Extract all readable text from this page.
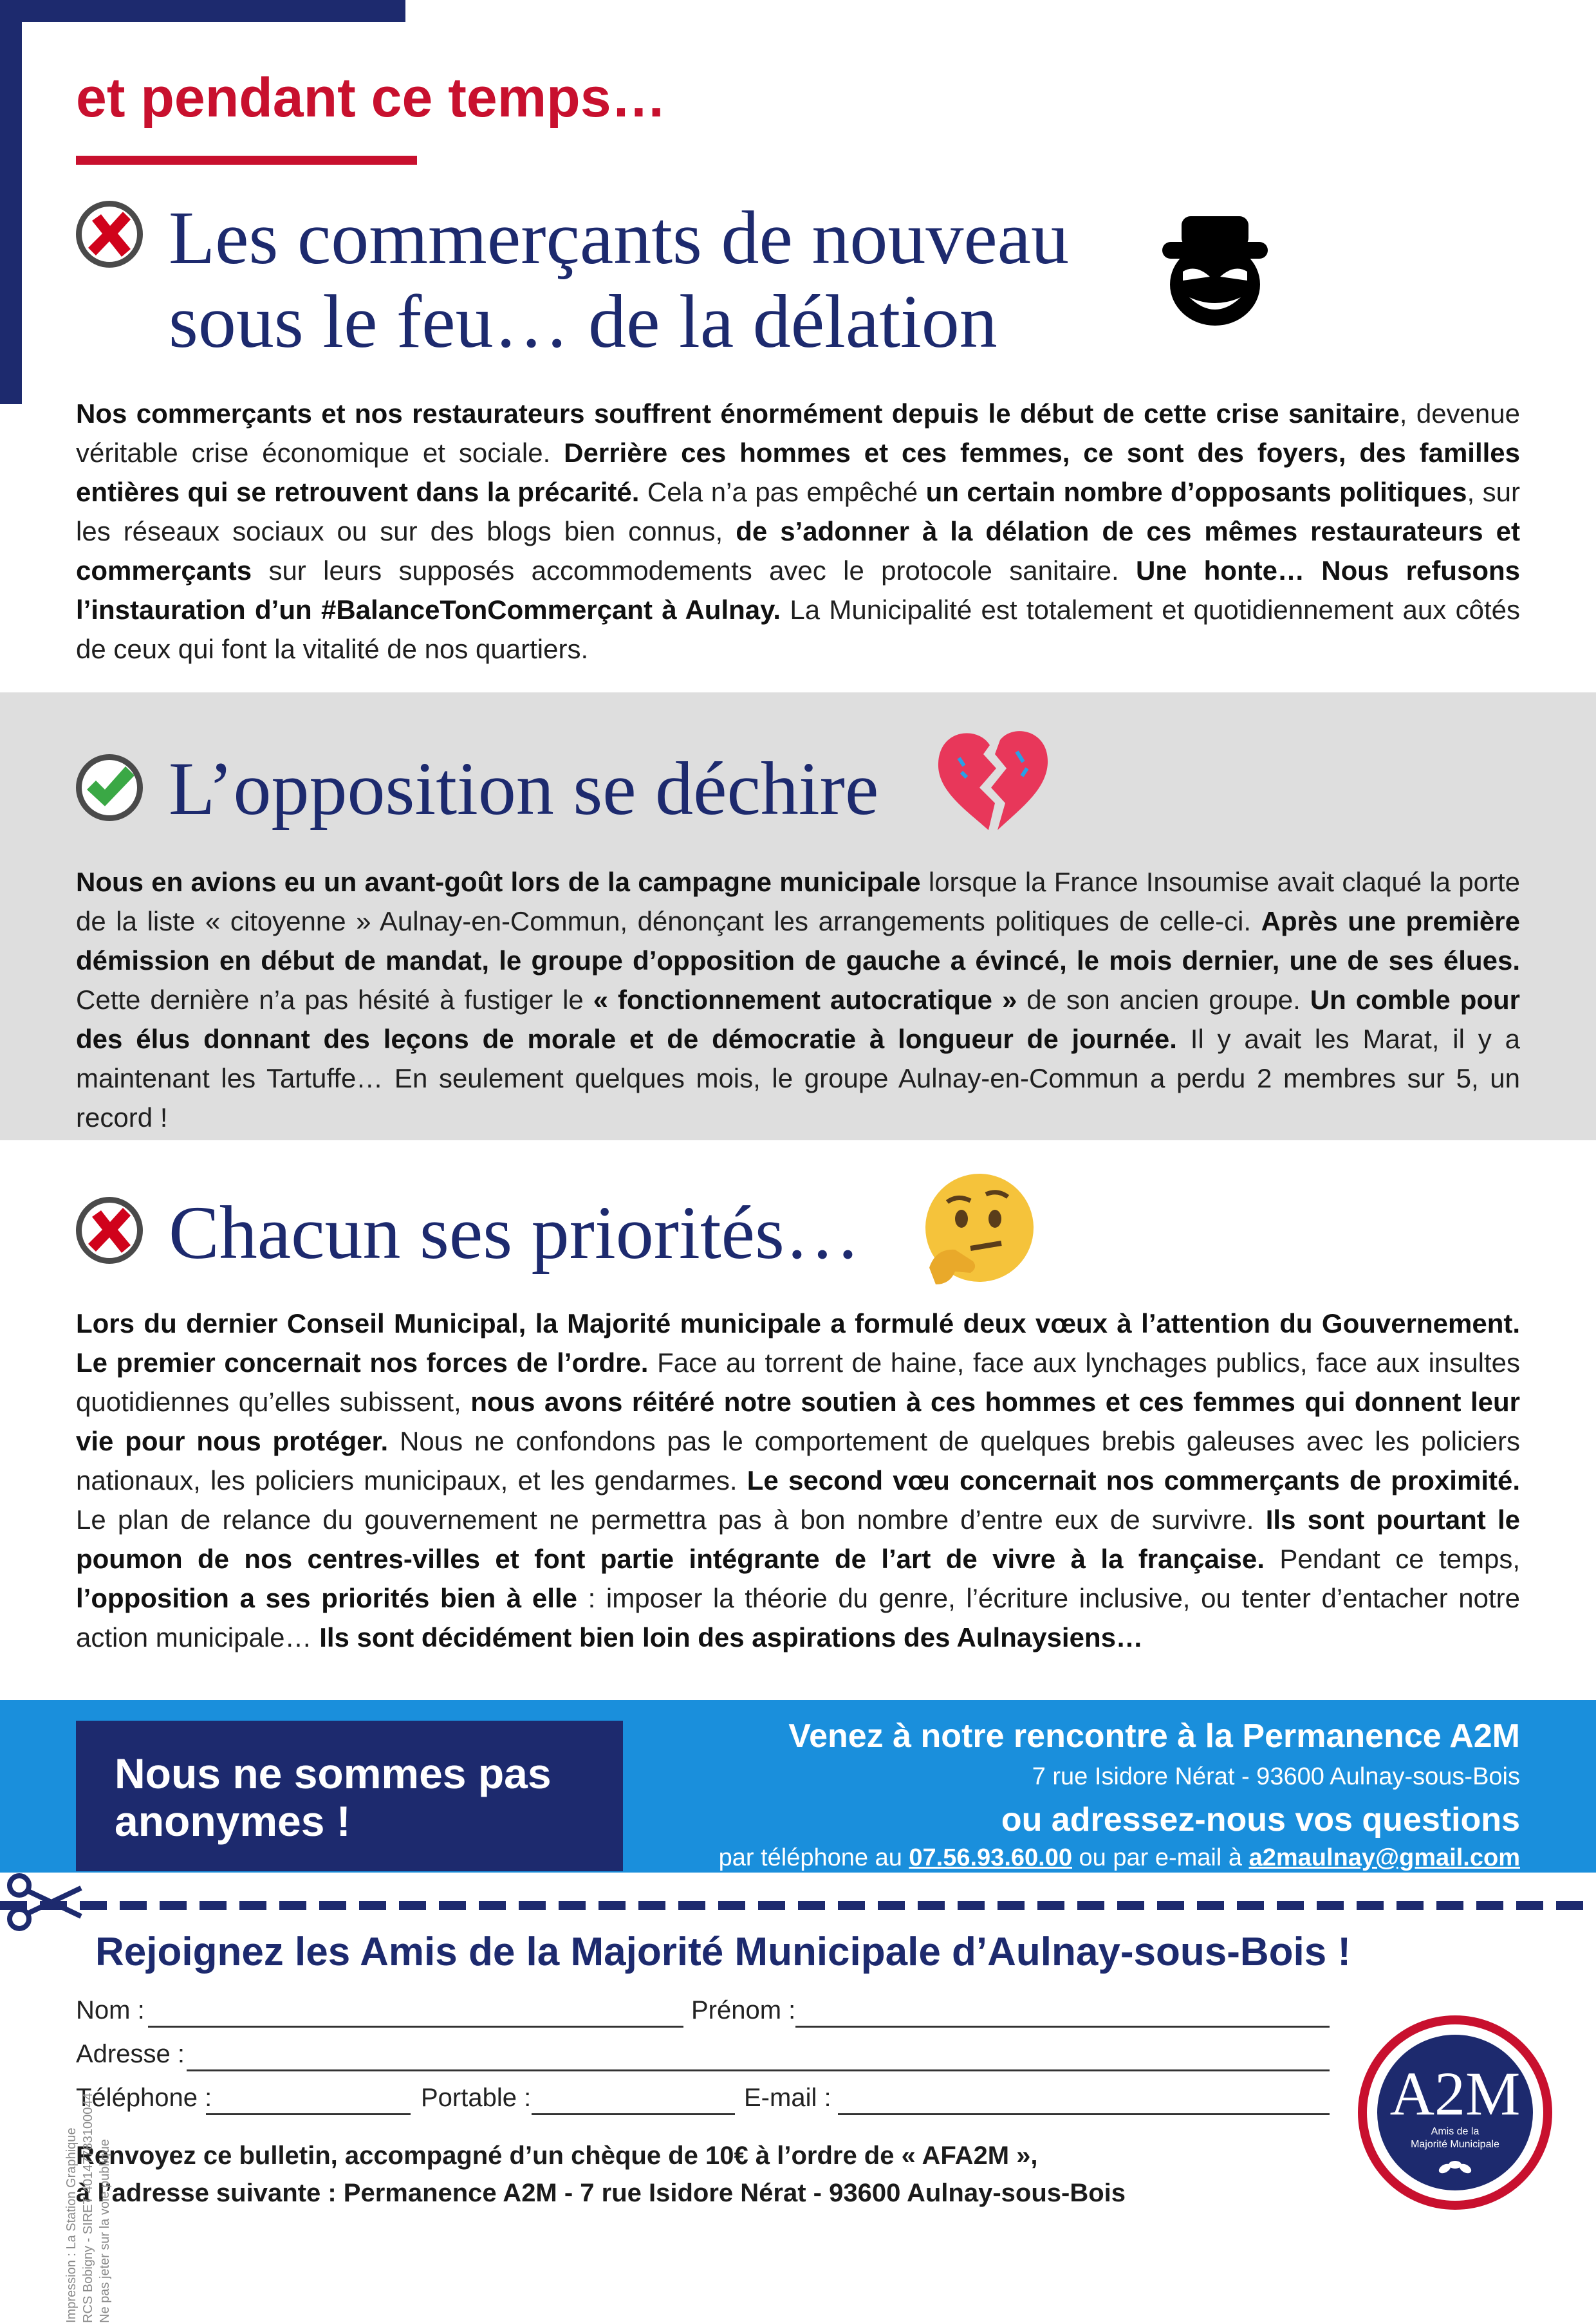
et pendant ce temps…
Les commerçants de nouveau
sous le feu… de la délation
Nos commerçants et nos restaurateurs souffrent énormément depuis le début de cette crise sanitaire, devenue véritable crise économique et sociale. Derrière ces hommes et ces femmes, ce sont des foyers, des familles entières qui se retrouvent dans la précarité. Cela n’a pas empêché un certain nombre d’opposants politiques, sur les réseaux sociaux ou sur des blogs bien connus, de s’adonner à la délation de ces mêmes restaurateurs et commerçants sur leurs supposés accommodements avec le protocole sanitaire. Une honte… Nous refusons l’instauration d’un #BalanceTonCommerçant à Aulnay. La Municipalité est totalement et quotidiennement aux côtés de ceux qui font la vitalité de nos quartiers.
L’opposition se déchire
Nous en avions eu un avant-goût lors de la campagne municipale lorsque la France Insoumise avait claqué la porte de la liste « citoyenne » Aulnay-en-Commun, dénonçant les arrangements politiques de celle-ci. Après une première démission en début de mandat, le groupe d’opposition de gauche a évincé, le mois dernier, une de ses élues. Cette dernière n’a pas hésité à fustiger le « fonctionnement autocratique » de son ancien groupe. Un comble pour des élus donnant des leçons de morale et de démocratie à longueur de journée. Il y avait les Marat, il y a maintenant les Tartuffe… En seulement quelques mois, le groupe Aulnay-en-Commun a perdu 2 membres sur 5, un record !
Chacun ses priorités…
Lors du dernier Conseil Municipal, la Majorité municipale a formulé deux vœux à l’attention du Gouvernement. Le premier concernait nos forces de l’ordre. Face au torrent de haine, face aux lynchages publics, face aux insultes quotidiennes qu’elles subissent, nous avons réitéré notre soutien à ces hommes et ces femmes qui donnent leur vie pour nous protéger. Nous ne confondons pas le comportement de quelques brebis galeuses avec les policiers nationaux, les policiers municipaux, et les gendarmes. Le second vœu concernait nos commerçants de proximité. Le plan de relance du gouvernement ne permettra pas à bon nombre d’entre eux de survivre. Ils sont pourtant le poumon de nos centres-villes et font partie intégrante de l’art de vivre à la française. Pendant ce temps, l’opposition a ses priorités bien à elle : imposer la théorie du genre, l’écriture inclusive, ou tenter d’entacher notre action municipale… Ils sont décidément bien loin des aspirations des Aulnaysiens…
Nous ne sommes pas
anonymes !
Venez à notre rencontre à la Permanence A2M
7 rue Isidore Nérat - 93600 Aulnay-sous-Bois
ou adressez-nous vos questions
par téléphone au 07.56.93.60.00 ou par e-mail à a2maulnay@gmail.com
Rejoignez les Amis de la Majorité Municipale d’Aulnay-sous-Bois !
Nom :	Prénom :
Adresse :
Téléphone :	Portable :	E-mail :
Renvoyez ce bulletin, accompagné d’un chèque de 10€ à l’ordre de « AFA2M »,
à l’adresse suivante : Permanence A2M - 7 rue Isidore Nérat - 93600 Aulnay-sous-Bois
Impression : La Station Graphique RCS Bobigny - SIRET 40147783100044 Ne pas jeter sur la voie publique
A2M
Amis de la
Majorité Municipale
